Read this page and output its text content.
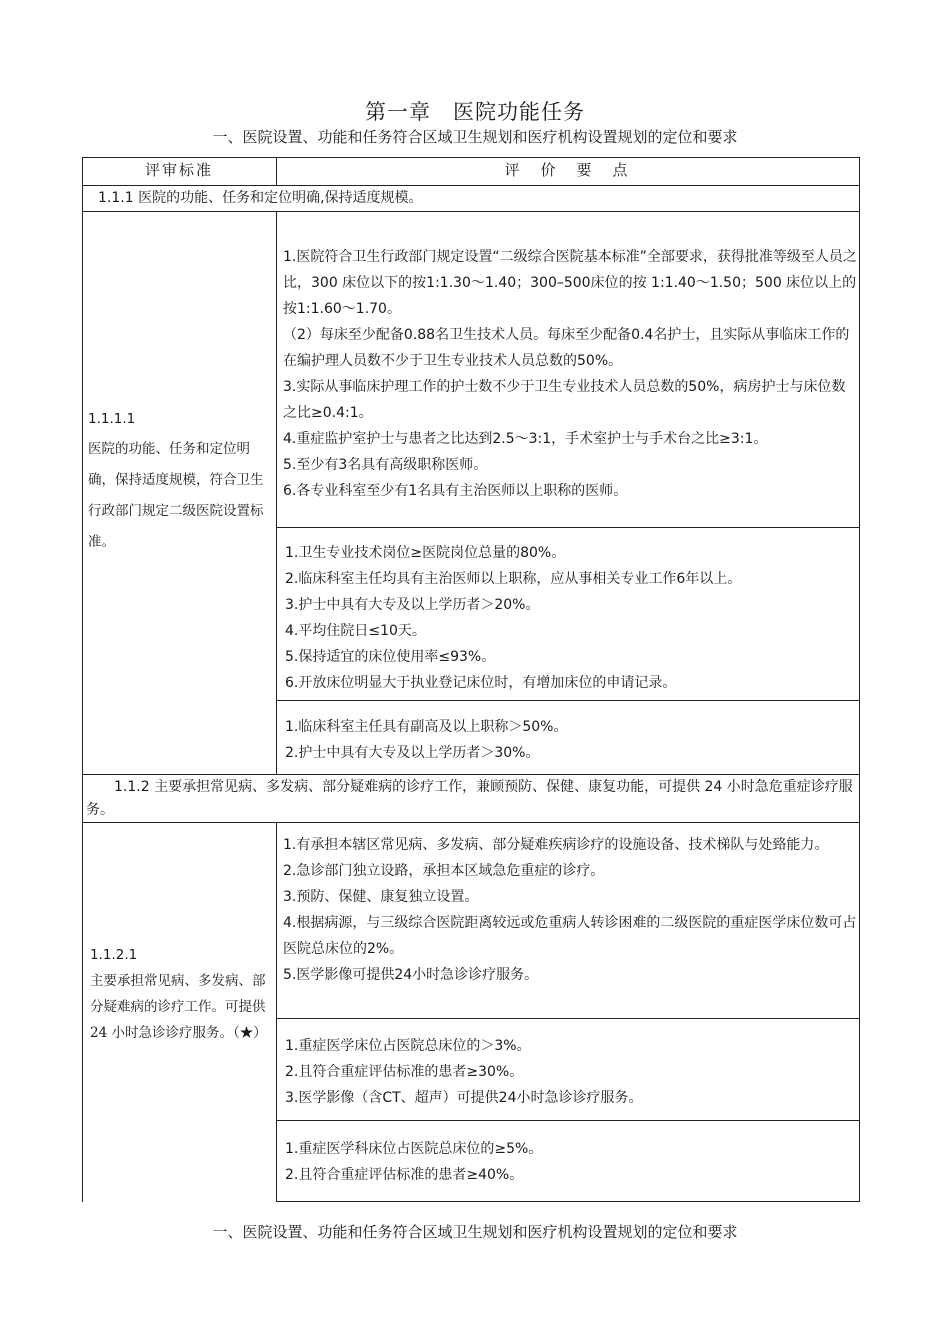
第一章　医院功能任务
一、医院设置、功能和任务符合区域卫生规划和医疗机构设置规划的定位和要求
评审标准	评　价　要　点
1.1.1 医院的功能、任务和定位明确,保持适度规模。
1.1.1.1
医院的功能、任务和定位明确，保持适度规模，符合卫生行政部门规定二级医院设置标准。
1.医院符合卫生行政部门规定设置“二级综合医院基本标准”全部要求，获得批准等级至人员之比，300 床位以下的按1:1.30～1.40；300–500床位的按 1:1.40～1.50；500 床位以上的按1:1.60～1.70。
（2）每床至少配备0.88名卫生技术人员。每床至少配备0.4名护士，且实际从事临床工作的在编护理人员数不少于卫生专业技术人员总数的50%。
3.实际从事临床护理工作的护士数不少于卫生专业技术人员总数的50%，病房护士与床位数之比≥0.4:1。
4.重症监护室护士与患者之比达到2.5～3:1，手术室护士与手术台之比≥3:1。
5.至少有3名具有高级职称医师。
6.各专业科室至少有1名具有主治医师以上职称的医师。
1.卫生专业技术岗位≥医院岗位总量的80%。
2.临床科室主任均具有主治医师以上职称，应从事相关专业工作6年以上。
3.护士中具有大专及以上学历者＞20%。
4.平均住院日≤10天。
5.保持适宜的床位使用率≤93%。
6.开放床位明显大于执业登记床位时，有增加床位的申请记录。
1.临床科室主任具有副高及以上职称＞50%。
2.护士中具有大专及以上学历者＞30%。
1.1.2 主要承担常见病、多发病、部分疑难病的诊疗工作，兼顾预防、保健、康复功能，可提供 24 小时急危重症诊疗服务。
1.1.2.1
主要承担常见病、多发病、部分疑难病的诊疗工作。可提供 24 小时急诊诊疗服务。（★）
1.有承担本辖区常见病、多发病、部分疑难疾病诊疗的设施设备、技术梯队与处臵能力。
2.急诊部门独立设路，承担本区域急危重症的诊疗。
3.预防、保健、康复独立设置。
4.根据病源，与三级综合医院距离较远或危重病人转诊困难的二级医院的重症医学床位数可占医院总床位的2%。
5.医学影像可提供24小时急诊诊疗服务。
1.重症医学床位占医院总床位的＞3%。
2.且符合重症评估标准的患者≥30%。
3.医学影像（含CT、超声）可提供24小时急诊诊疗服务。
1.重症医学科床位占医院总床位的≥5%。
2.且符合重症评估标准的患者≥40%。
一、医院设置、功能和任务符合区域卫生规划和医疗机构设置规划的定位和要求
